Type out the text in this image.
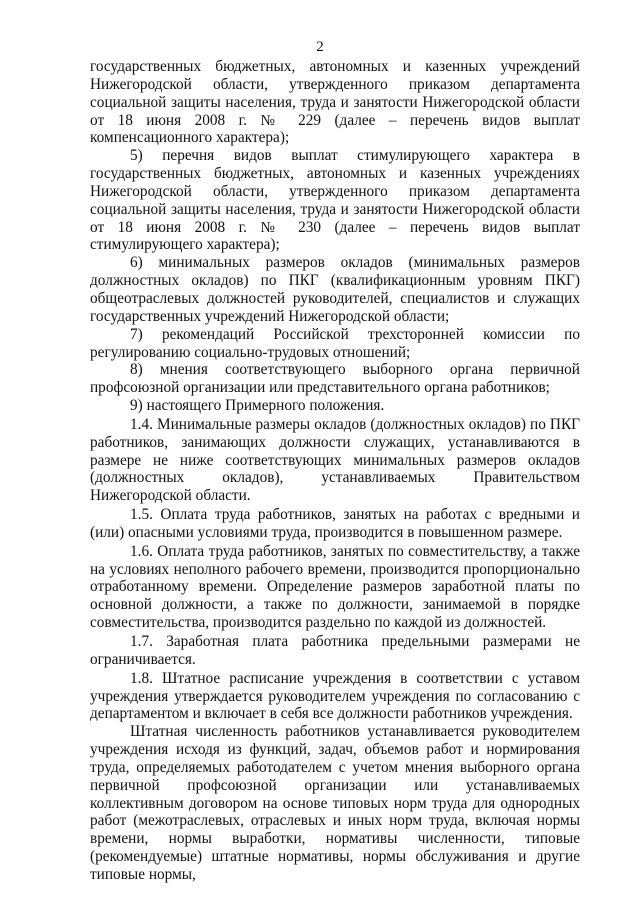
2

государственных бюджетных, автономных и казенных учреждений Нижегородской области, утвержденного приказом департамента социальной защиты населения, труда и занятости Нижегородской области от 18 июня 2008 г. № 229 (далее – перечень видов выплат компенсационного характера);

5) перечня видов выплат стимулирующего характера в государственных бюджетных, автономных и казенных учреждениях Нижегородской области, утвержденного приказом департамента социальной защиты населения, труда и занятости Нижегородской области от 18 июня 2008 г. № 230 (далее – перечень видов выплат стимулирующего характера);

6) минимальных размеров окладов (минимальных размеров должностных окладов) по ПКГ (квалификационным уровням ПКГ) общеотраслевых должностей руководителей, специалистов и служащих государственных учреждений Нижегородской области;

7) рекомендаций Российской трехсторонней комиссии по регулированию социально-трудовых отношений;

8) мнения соответствующего выборного органа первичной профсоюзной организации или представительного органа работников;

9) настоящего Примерного положения.

1.4. Минимальные размеры окладов (должностных окладов) по ПКГ работников, занимающих должности служащих, устанавливаются в размере не ниже соответствующих минимальных размеров окладов (должностных окладов), устанавливаемых Правительством Нижегородской области.

1.5. Оплата труда работников, занятых на работах с вредными и (или) опасными условиями труда, производится в повышенном размере.

1.6. Оплата труда работников, занятых по совместительству, а также на условиях неполного рабочего времени, производится пропорционально отработанному времени. Определение размеров заработной платы по основной должности, а также по должности, занимаемой в порядке совместительства, производится раздельно по каждой из должностей.

1.7. Заработная плата работника предельными размерами не ограничивается.

1.8. Штатное расписание учреждения в соответствии с уставом учреждения утверждается руководителем учреждения по согласованию с департаментом и включает в себя все должности работников учреждения.

Штатная численность работников устанавливается руководителем учреждения исходя из функций, задач, объемов работ и нормирования труда, определяемых работодателем с учетом мнения выборного органа первичной профсоюзной организации или устанавливаемых коллективным договором на основе типовых норм труда для однородных работ (межотраслевых, отраслевых и иных норм труда, включая нормы времени, нормы выработки, нормативы численности, типовые (рекомендуемые) штатные нормативы, нормы обслуживания и другие типовые нормы,
